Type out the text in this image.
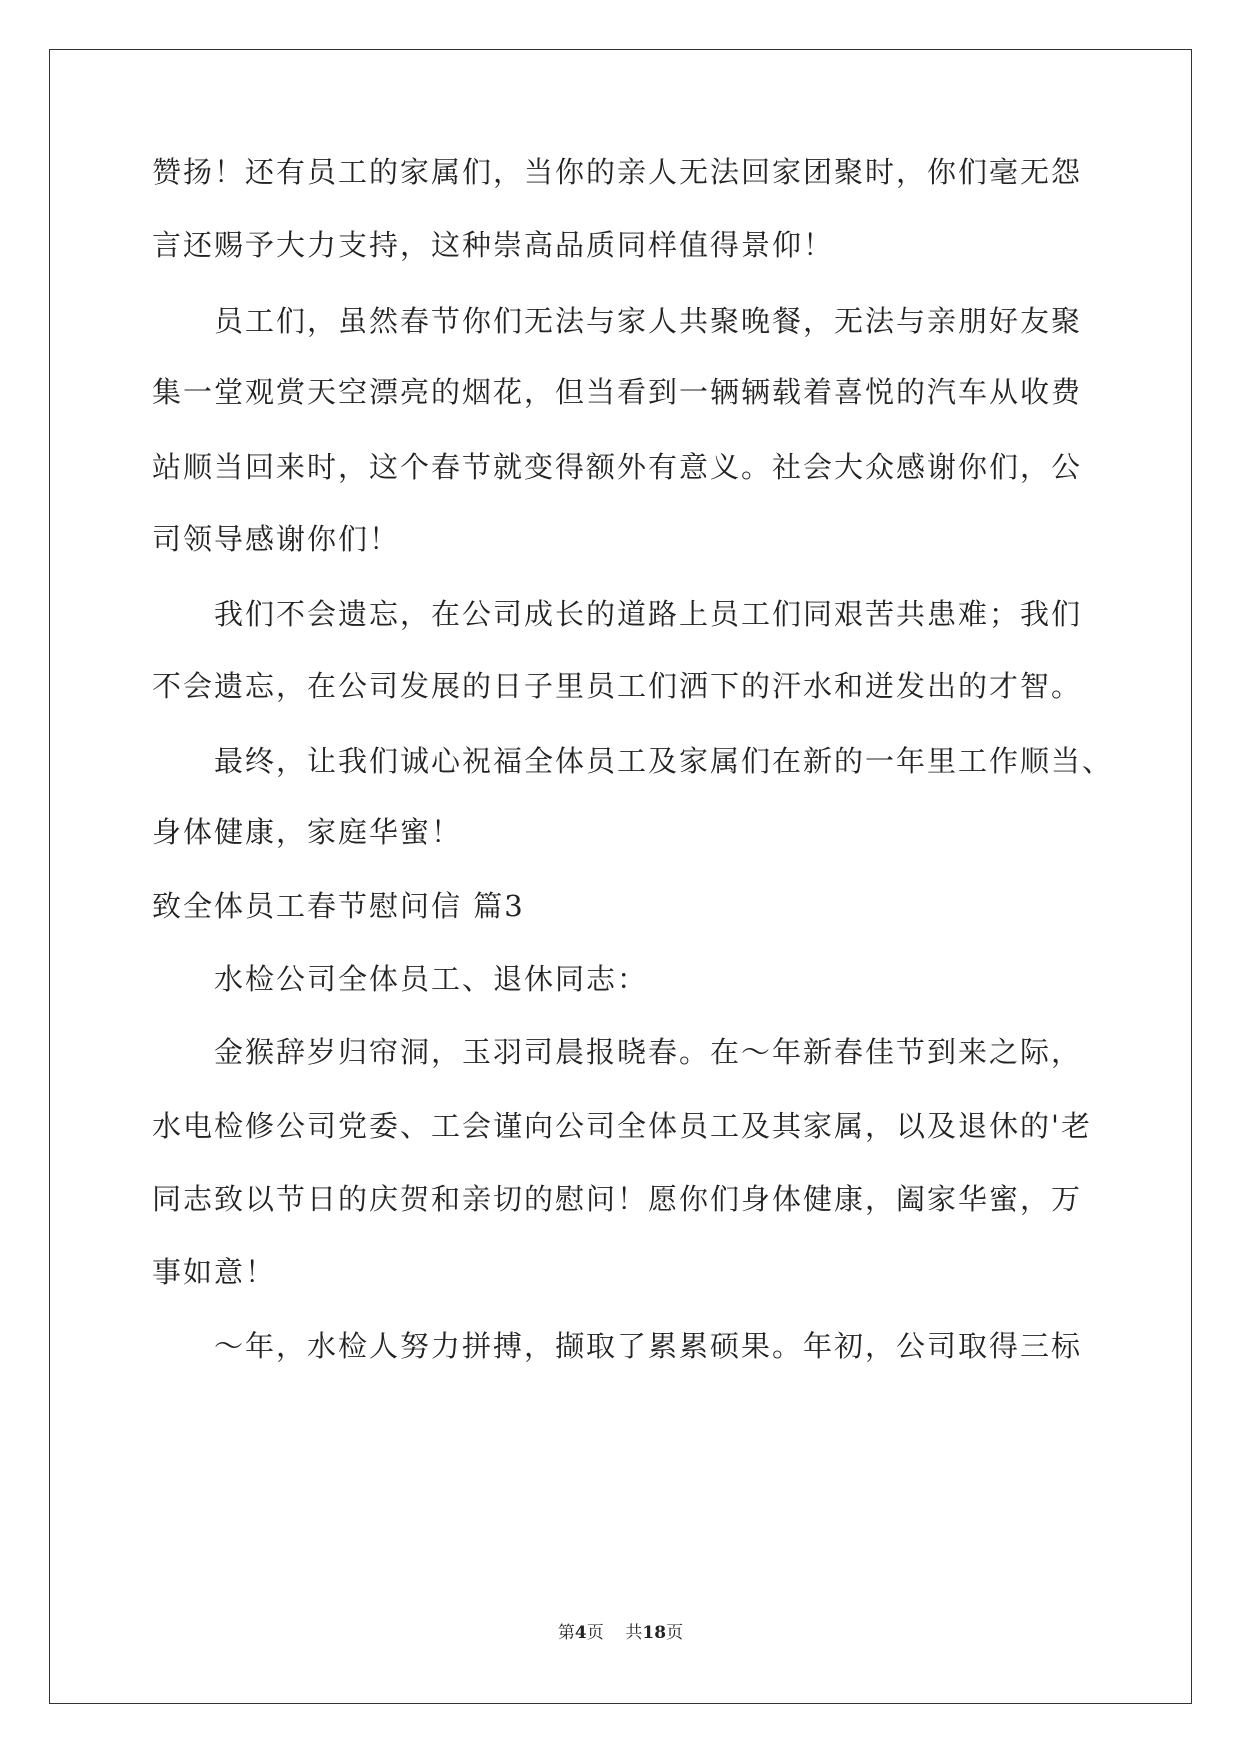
赞扬！还有员工的家属们，当你的亲人无法回家团聚时，你们毫无怨

言还赐予大力支持，这种崇高品质同样值得景仰！

员工们，虽然春节你们无法与家人共聚晚餐，无法与亲朋好友聚

集一堂观赏天空漂亮的烟花，但当看到一辆辆载着喜悦的汽车从收费

站顺当回来时，这个春节就变得额外有意义。社会大众感谢你们，公

司领导感谢你们！

我们不会遗忘，在公司成长的道路上员工们同艰苦共患难；我们

不会遗忘，在公司发展的日子里员工们洒下的汗水和迸发出的才智。

最终，让我们诚心祝福全体员工及家属们在新的一年里工作顺当、

身体健康，家庭华蜜！

致全体员工春节慰问信 篇3

水检公司全体员工、退休同志：

金猴辞岁归帘洞，玉羽司晨报晓春。在～年新春佳节到来之际，

水电检修公司党委、工会谨向公司全体员工及其家属，以及退休的'老

同志致以节日的庆贺和亲切的慰问！愿你们身体健康，阖家华蜜，万

事如意！

～年，水检人努力拼搏，撷取了累累硕果。年初，公司取得三标

第4页 共18页
